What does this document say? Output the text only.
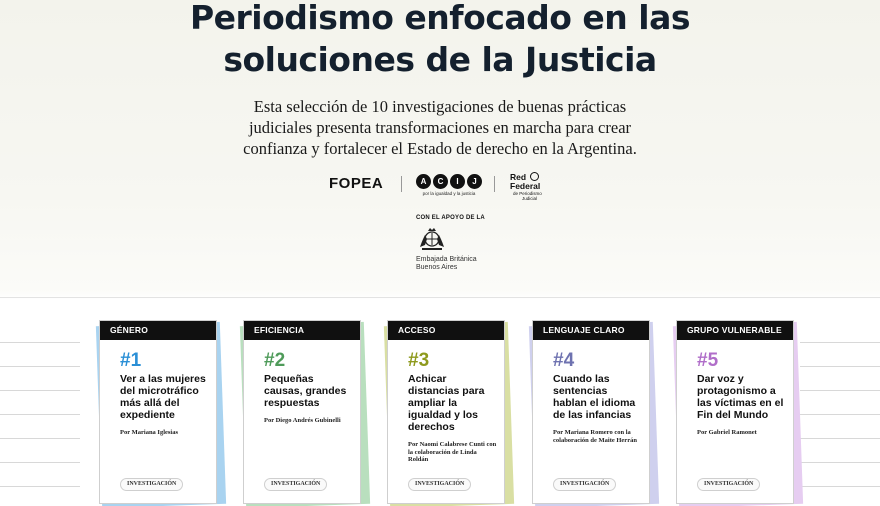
Periodismo enfocado en las
soluciones de la Justicia
Esta selección de 10 investigaciones de buenas prácticas
judiciales presenta transformaciones en marcha para crear
confianza y fortalecer el Estado de derecho en la Argentina.
FOPEA	A	C	I	J
por la igualdad y la justicia
Red
Federal
de Periodismo
Judicial
CON EL APOYO DE LA
Embajada Británica
Buenos Aires
GÉNERO
#1
Ver a las mujeres del microtráfico más allá del expediente
Por Mariana Iglesias
INVESTIGACIÓN
EFICIENCIA
#2
Pequeñas causas, grandes respuestas
Por Diego Andrés Gubinelli
INVESTIGACIÓN
ACCESO
#3
Achicar distancias para ampliar la igualdad y los derechos
Por Naomi Calabrese Cunti con la colaboración de Linda Roldán
INVESTIGACIÓN
LENGUAJE CLARO
#4
Cuando las sentencias hablan el idioma de las infancias
Por Mariana Romero con la colaboración de Maite Herrán
INVESTIGACIÓN
GRUPO VULNERABLE
#5
Dar voz y protagonismo a las víctimas en el Fin del Mundo
Por Gabriel Ramonet
INVESTIGACIÓN
